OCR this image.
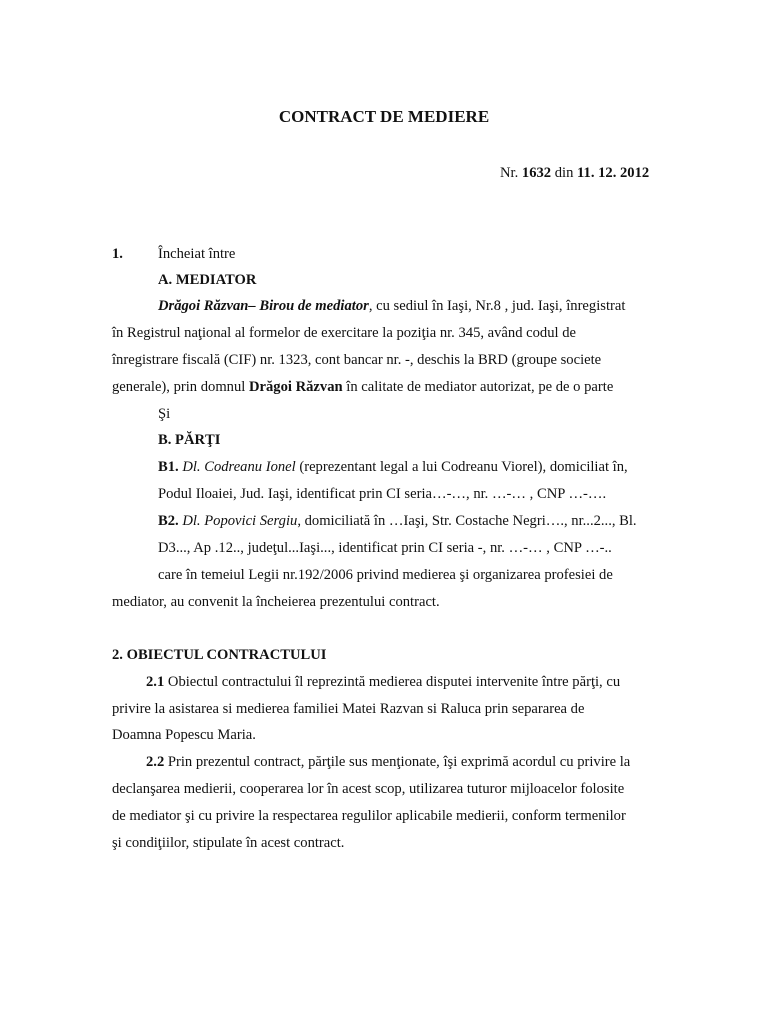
CONTRACT DE MEDIERE
Nr. 1632 din 11. 12. 2012
1. Încheiat între
A. MEDIATOR
Drăgoi Răzvan– Birou de mediator, cu sediul în Iaşi, Nr.8 , jud. Iaşi, înregistrat
în Registrul naţional al formelor de exercitare la poziţia nr. 345, având codul de
înregistrare fiscală (CIF) nr. 1323, cont bancar nr. -, deschis la BRD (groupe societe
generale), prin domnul Drăgoi Răzvan în calitate de mediator autorizat, pe de o parte
Şi
B. PĂRŢI
B1. Dl. Codreanu Ionel (reprezentant legal a lui Codreanu Viorel), domiciliat în,
Podul Iloaiei, Jud. Iaşi, identificat prin CI seria…-…, nr. …-… , CNP …-….
B2. Dl. Popovici Sergiu, domiciliată în …Iaşi, Str. Costache Negri…., nr...2..., Bl.
D3..., Ap .12.., judeţul...Iaşi..., identificat prin CI seria -, nr. …-… , CNP …-..
care în temeiul Legii nr.192/2006 privind medierea şi organizarea profesiei de
mediator, au convenit la încheierea prezentului contract.
2. OBIECTUL CONTRACTULUI
2.1 Obiectul contractului îl reprezintă medierea disputei intervenite între părţi, cu
privire la asistarea si medierea familiei Matei Razvan si Raluca prin separarea de
Doamna Popescu Maria.
2.2 Prin prezentul contract, părţile sus menţionate, îşi exprimă acordul cu privire la
declanşarea medierii, cooperarea lor în acest scop, utilizarea tuturor mijloacelor folosite
de mediator şi cu privire la respectarea regulilor aplicabile medierii, conform termenilor
şi condiţiilor, stipulate în acest contract.
